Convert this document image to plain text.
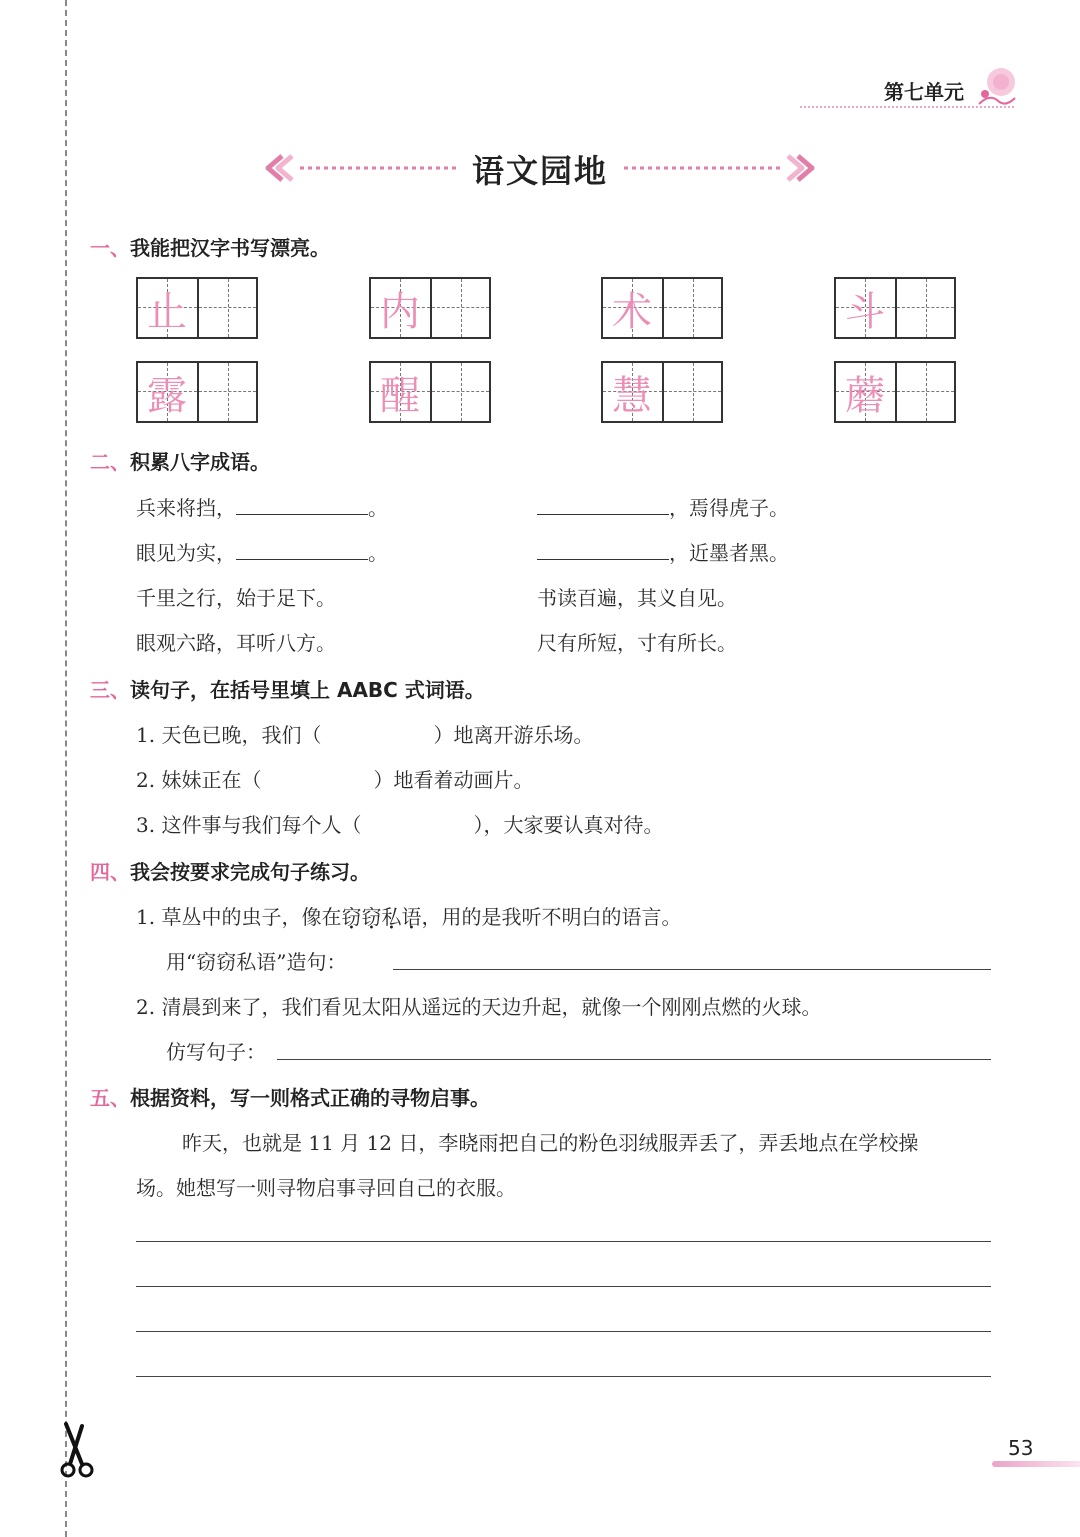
第七单元
语文园地
一、我能把汉字书写漂亮。
止	内	术	斗
露	醒	慧	蘑
二、积累八字成语。
兵来将挡，	。	，焉得虎子。
眼见为实，	。	，近墨者黑。
千里之行，始于足下。	书读百遍，其义自见。
眼观六路，耳听八方。	尺有所短，寸有所长。
三、读句子，在括号里填上 AABC 式词语。
1. 天色已晚，我们（	）地离开游乐场。
2. 妹妹正在（	）地看着动画片。
3. 这件事与我们每个人（	），大家要认真对待。
四、我会按要求完成句子练习。
1. 草丛中的虫子，像在窃窃私语，用的是我听不明白的语言。
用“窃窃私语”造句：
2. 清晨到来了，我们看见太阳从遥远的天边升起，就像一个刚刚点燃的火球。
仿写句子：
五、根据资料，写一则格式正确的寻物启事。
昨天，也就是 11 月 12 日，李晓雨把自己的粉色羽绒服弄丢了，弄丢地点在学校操
场。她想写一则寻物启事寻回自己的衣服。
53
